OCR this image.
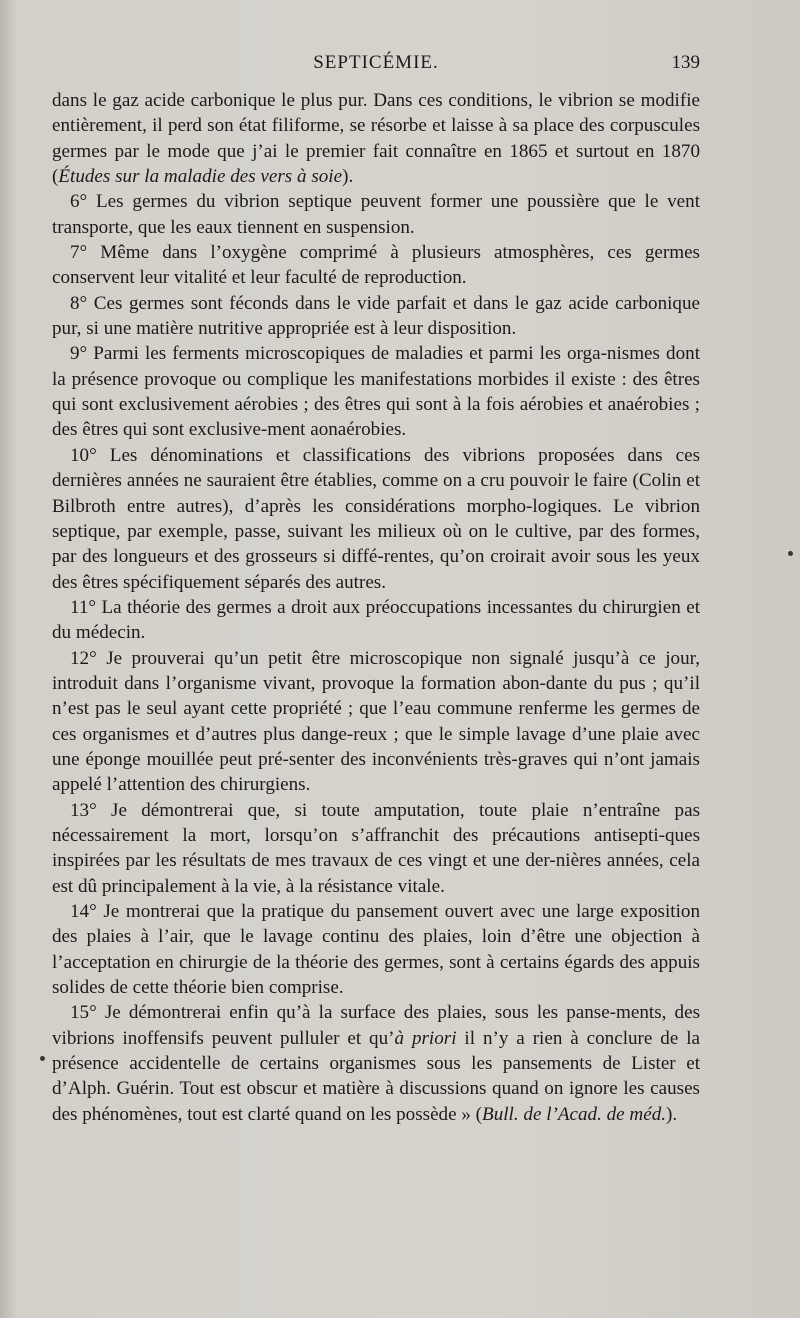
SEPTICÉMIE.	139

dans le gaz acide carbonique le plus pur. Dans ces conditions, le vibrion se modifie entièrement, il perd son état filiforme, se résorbe et laisse à sa place des corpuscules germes par le mode que j’ai le premier fait connaître en 1865 et surtout en 1870 (Études sur la maladie des vers à soie).

6° Les germes du vibrion septique peuvent former une poussière que le vent transporte, que les eaux tiennent en suspension.

7° Même dans l’oxygène comprimé à plusieurs atmosphères, ces germes conservent leur vitalité et leur faculté de reproduction.

8° Ces germes sont féconds dans le vide parfait et dans le gaz acide carbonique pur, si une matière nutritive appropriée est à leur disposition.

9° Parmi les ferments microscopiques de maladies et parmi les orga-nismes dont la présence provoque ou complique les manifestations morbides il existe : des êtres qui sont exclusivement aérobies ; des êtres qui sont à la fois aérobies et anaérobies ; des êtres qui sont exclusive-ment aonaérobies.

10° Les dénominations et classifications des vibrions proposées dans ces dernières années ne sauraient être établies, comme on a cru pouvoir le faire (Colin et Bilbroth entre autres), d’après les considérations morpho-logiques. Le vibrion septique, par exemple, passe, suivant les milieux où on le cultive, par des formes, par des longueurs et des grosseurs si diffé-rentes, qu’on croirait avoir sous les yeux des êtres spécifiquement séparés des autres.

11° La théorie des germes a droit aux préoccupations incessantes du chirurgien et du médecin.

12° Je prouverai qu’un petit être microscopique non signalé jusqu’à ce jour, introduit dans l’organisme vivant, provoque la formation abon-dante du pus ; qu’il n’est pas le seul ayant cette propriété ; que l’eau commune renferme les germes de ces organismes et d’autres plus dange-reux ; que le simple lavage d’une plaie avec une éponge mouillée peut pré-senter des inconvénients très-graves qui n’ont jamais appelé l’attention des chirurgiens.

13° Je démontrerai que, si toute amputation, toute plaie n’entraîne pas nécessairement la mort, lorsqu’on s’affranchit des précautions antisepti-ques inspirées par les résultats de mes travaux de ces vingt et une der-nières années, cela est dû principalement à la vie, à la résistance vitale.

14° Je montrerai que la pratique du pansement ouvert avec une large exposition des plaies à l’air, que le lavage continu des plaies, loin d’être une objection à l’acceptation en chirurgie de la théorie des germes, sont à certains égards des appuis solides de cette théorie bien comprise.

15° Je démontrerai enfin qu’à la surface des plaies, sous les panse-ments, des vibrions inoffensifs peuvent pulluler et qu’à priori il n’y a rien à conclure de la présence accidentelle de certains organismes sous les pansements de Lister et d’Alph. Guérin. Tout est obscur et matière à discussions quand on ignore les causes des phénomènes, tout est clarté quand on les possède » (Bull. de l’Acad. de méd.).
